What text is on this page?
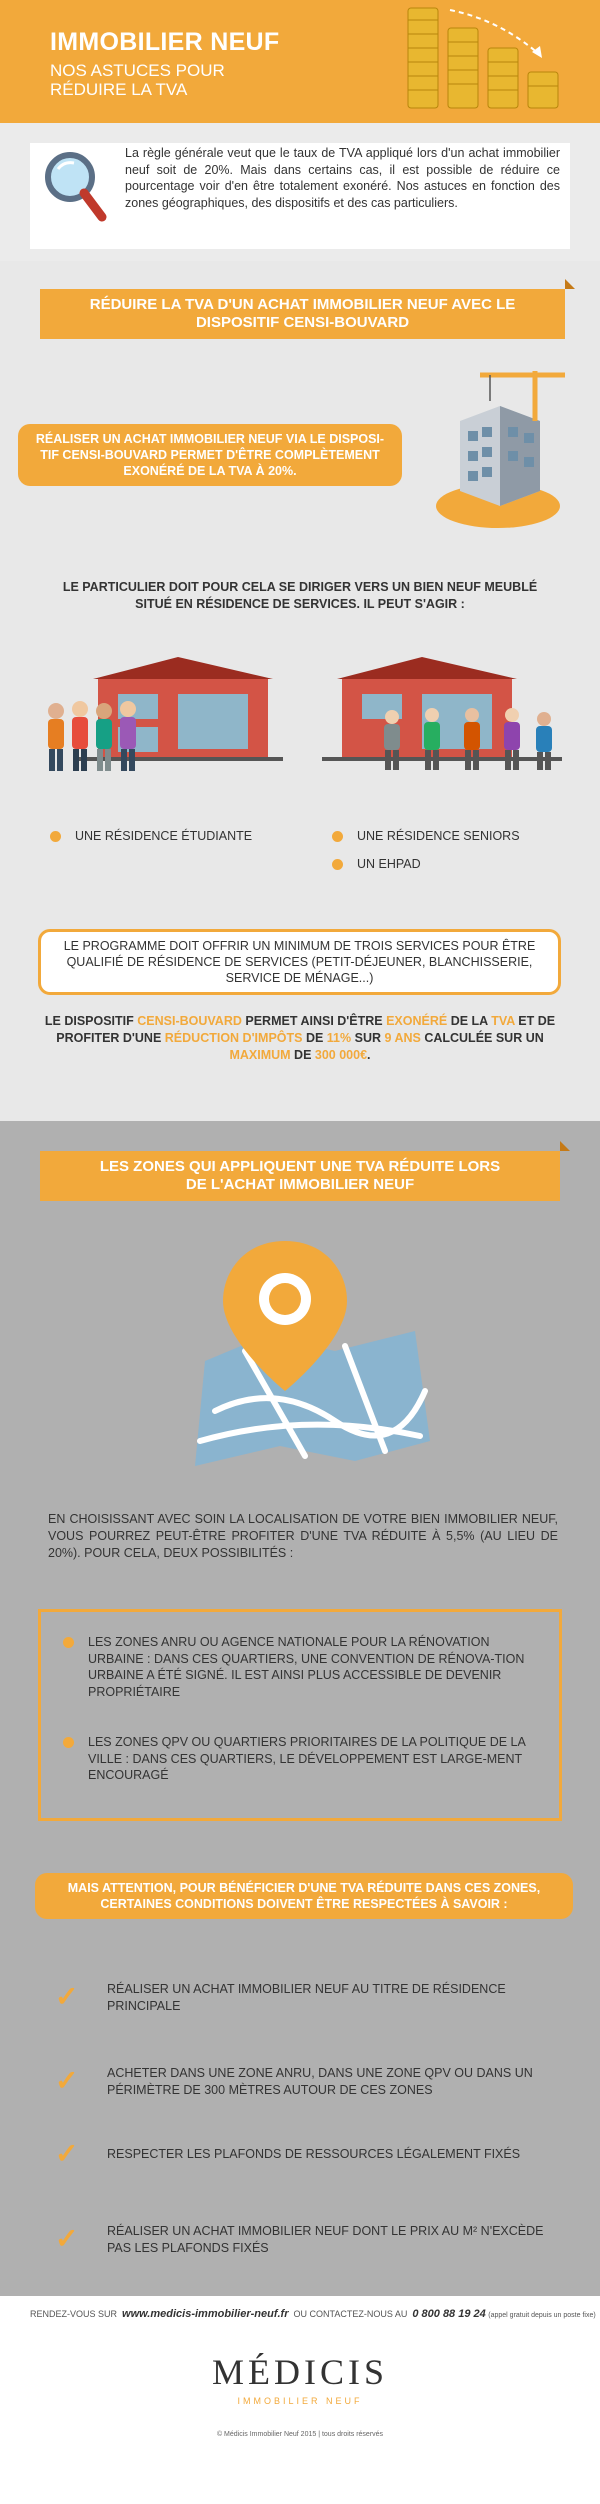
IMMOBILIER NEUF
NOS ASTUCES POUR
RÉDUIRE LA TVA
La règle générale veut que le taux de TVA appliqué lors d'un achat immobilier neuf soit de 20%. Mais dans certains cas, il est possible de réduire ce pourcentage voir d'en être totalement exonéré. Nos astuces en fonction des zones géographiques, des dispositifs et des cas particuliers.
RÉDUIRE LA TVA D'UN ACHAT IMMOBILIER NEUF AVEC LE
DISPOSITIF CENSI-BOUVARD
RÉALISER UN ACHAT IMMOBILIER NEUF VIA LE DISPOSI-
TIF CENSI-BOUVARD PERMET D'ÊTRE COMPLÈTEMENT
EXONÉRÉ DE LA TVA À 20%.
LE PARTICULIER DOIT POUR CELA SE DIRIGER VERS UN BIEN NEUF MEUBLÉ
SITUÉ EN RÉSIDENCE DE SERVICES. IL PEUT S'AGIR :
UNE RÉSIDENCE ÉTUDIANTE	UNE RÉSIDENCE SENIORS
UN EHPAD
LE PROGRAMME DOIT OFFRIR UN MINIMUM DE TROIS SERVICES POUR ÊTRE
QUALIFIÉ DE RÉSIDENCE DE SERVICES (PETIT-DÉJEUNER, BLANCHISSERIE,
SERVICE DE MÉNAGE...)
LE DISPOSITIF CENSI-BOUVARD PERMET AINSI D'ÊTRE EXONÉRÉ DE LA TVA ET DE PROFITER D'UNE RÉDUCTION D'IMPÔTS DE 11% SUR 9 ANS CALCULÉE SUR UN MAXIMUM DE 300 000€.
LES ZONES QUI APPLIQUENT UNE TVA RÉDUITE LORS
DE L'ACHAT IMMOBILIER NEUF
EN CHOISISSANT AVEC SOIN LA LOCALISATION DE VOTRE BIEN IMMOBILIER NEUF, VOUS POURREZ PEUT-ÊTRE PROFITER D'UNE TVA RÉDUITE À 5,5% (AU LIEU DE 20%). POUR CELA, DEUX POSSIBILITÉS :
LES ZONES ANRU OU AGENCE NATIONALE POUR LA RÉNOVATION URBAINE : DANS CES QUARTIERS, UNE CONVENTION DE RÉNOVA-TION URBAINE A ÉTÉ SIGNÉ. IL EST AINSI PLUS ACCESSIBLE DE DEVENIR PROPRIÉTAIRE
LES ZONES QPV OU QUARTIERS PRIORITAIRES DE LA POLITIQUE DE LA VILLE : DANS CES QUARTIERS, LE DÉVELOPPEMENT EST LARGE-MENT ENCOURAGÉ
MAIS ATTENTION, POUR BÉNÉFICIER D'UNE TVA RÉDUITE DANS CES ZONES,
CERTAINES CONDITIONS DOIVENT ÊTRE RESPECTÉES À SAVOIR :
✓	RÉALISER UN ACHAT IMMOBILIER NEUF AU TITRE DE RÉSIDENCE PRINCIPALE
✓	ACHETER DANS UNE ZONE ANRU, DANS UNE ZONE QPV OU DANS UN PÉRIMÈTRE DE 300 MÈTRES AUTOUR DE CES ZONES
✓	RESPECTER LES PLAFONDS DE RESSOURCES LÉGALEMENT FIXÉS
✓	RÉALISER UN ACHAT IMMOBILIER NEUF DONT LE PRIX AU M² N'EXCÈDE PAS LES PLAFONDS FIXÉS
RENDEZ-VOUS SUR www.medicis-immobilier-neuf.fr OU CONTACTEZ-NOUS AU 0 800 88 19 24 (appel gratuit depuis un poste fixe)
MÉDICIS
IMMOBILIER NEUF
© Médicis Immobilier Neuf 2015 | tous droits réservés
